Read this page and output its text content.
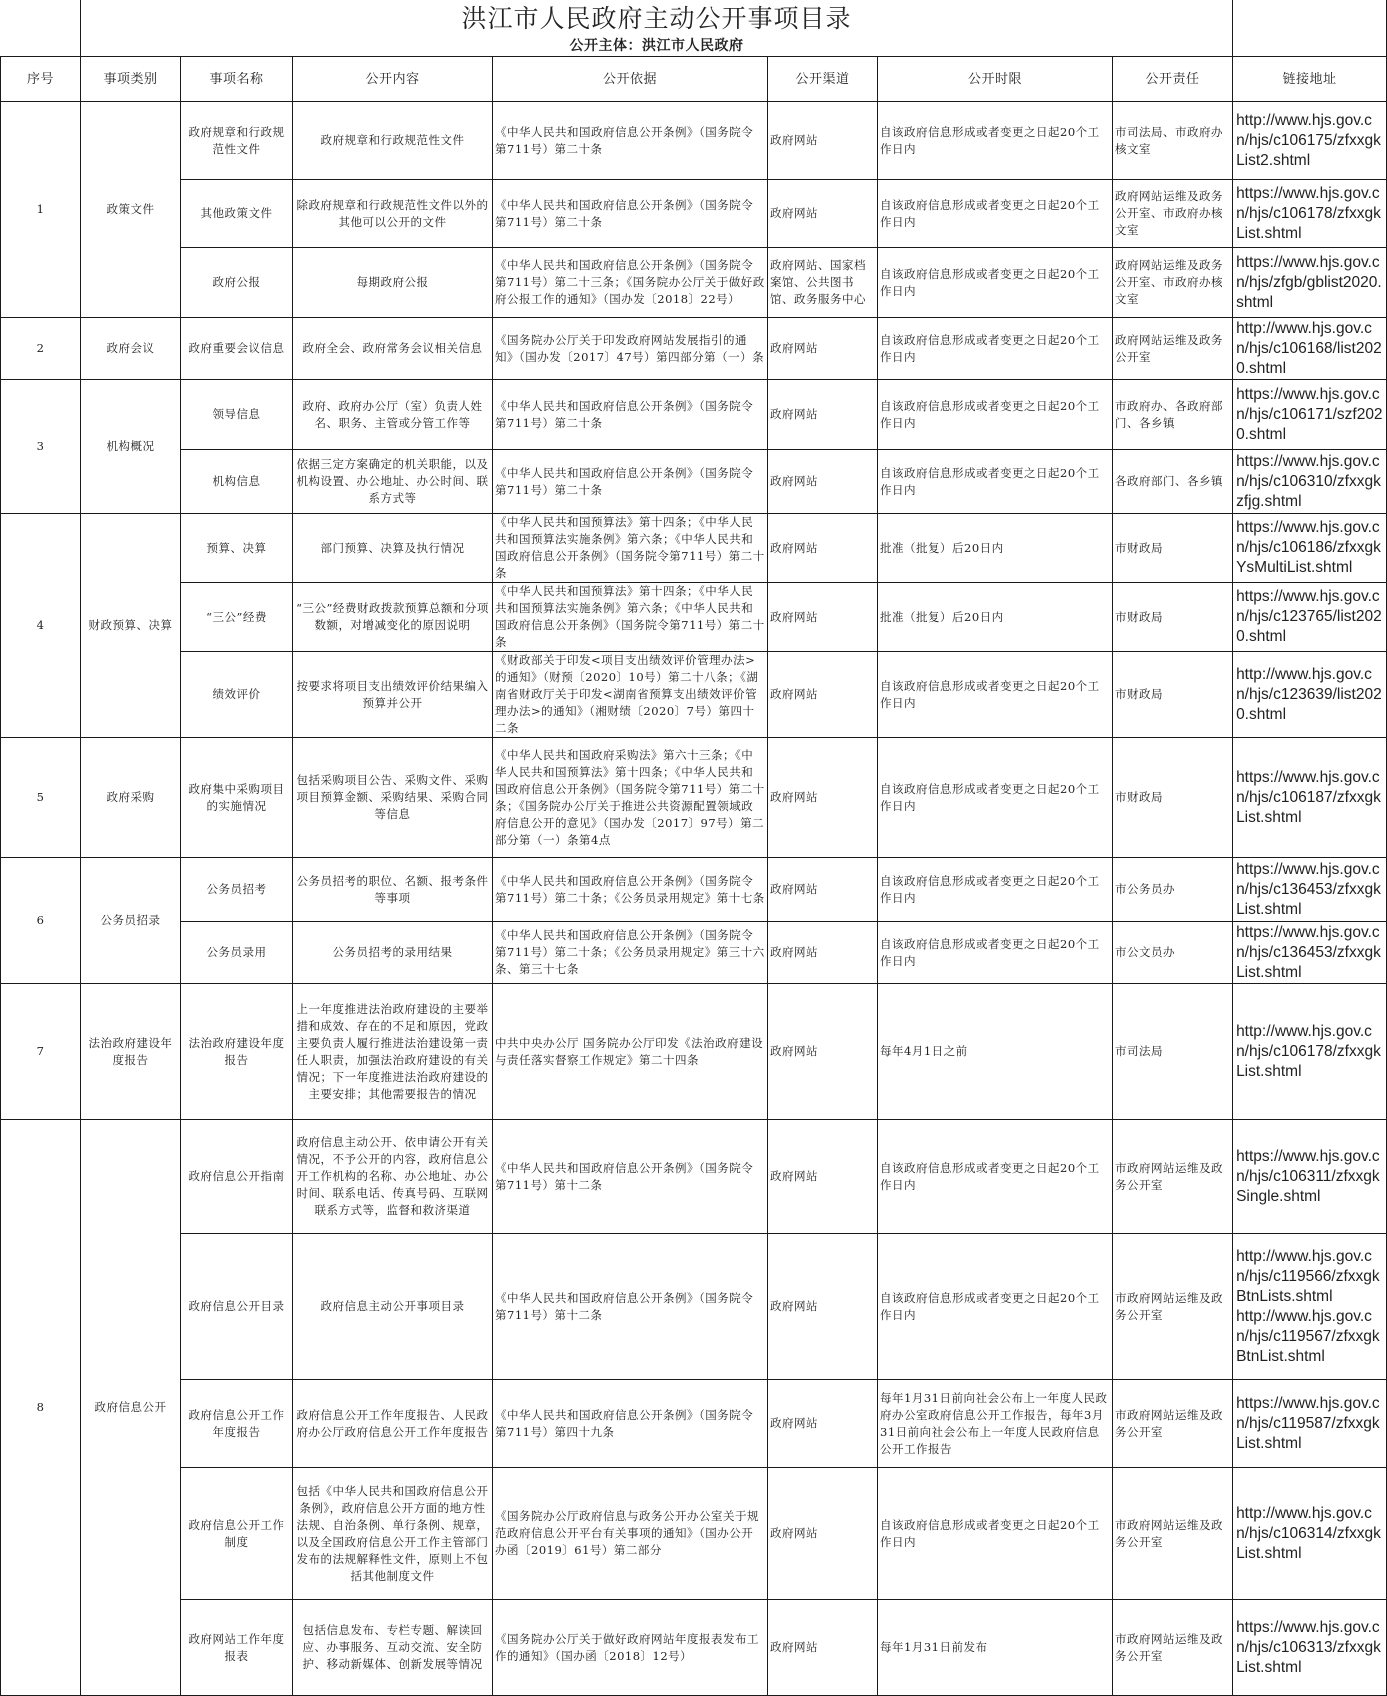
	洪江市人民政府主动公开事项目录							
	公开主体：洪江市人民政府							
序号	事项类别	事项名称	公开内容	公开依据	公开渠道	公开时限	公开责任	链接地址
1	政策文件	政府规章和行政规范性文件	政府规章和行政规范性文件	《中华人民共和国政府信息公开条例》（国务院令第711号）第二十条	政府网站	自该政府信息形成或者变更之日起20个工作日内	市司法局、市政府办核文室	http://www.hjs.gov.cn/hjs/c106175/zfxxgkList2.shtml
		其他政策文件	除政府规章和行政规范性文件以外的其他可以公开的文件	《中华人民共和国政府信息公开条例》（国务院令第711号）第二十条	政府网站	自该政府信息形成或者变更之日起20个工作日内	政府网站运维及政务公开室、市政府办核文室	https://www.hjs.gov.cn/hjs/c106178/zfxxgkList.shtml
		政府公报	每期政府公报	《中华人民共和国政府信息公开条例》（国务院令第711号）第二十三条；《国务院办公厅关于做好政府公报工作的通知》（国办发〔2018〕22号）	政府网站、国家档案馆、公共图书馆、政务服务中心	自该政府信息形成或者变更之日起20个工作日内	政府网站运维及政务公开室、市政府办核文室	https://www.hjs.gov.cn/hjs/zfgb/gblist2020.shtml
2	政府会议	政府重要会议信息	政府全会、政府常务会议相关信息	《国务院办公厅关于印发政府网站发展指引的通知》（国办发〔2017〕47号）第四部分第（一）条	政府网站	自该政府信息形成或者变更之日起20个工作日内	政府网站运维及政务公开室	http://www.hjs.gov.cn/hjs/c106168/list2020.shtml
3	机构概况	领导信息	政府、政府办公厅（室）负责人姓名、职务、主管或分管工作等	《中华人民共和国政府信息公开条例》（国务院令第711号）第二十条	政府网站	自该政府信息形成或者变更之日起20个工作日内	市政府办、各政府部门、各乡镇	https://www.hjs.gov.cn/hjs/c106171/szf2020.shtml
		机构信息	依据三定方案确定的机关职能，以及机构设置、办公地址、办公时间、联系方式等	《中华人民共和国政府信息公开条例》（国务院令第711号）第二十条	政府网站	自该政府信息形成或者变更之日起20个工作日内	各政府部门、各乡镇	https://www.hjs.gov.cn/hjs/c106310/zfxxgkzfjg.shtml
4	财政预算、决算	预算、决算	部门预算、决算及执行情况	《中华人民共和国预算法》第十四条；《中华人民共和国预算法实施条例》第六条；《中华人民共和国政府信息公开条例》（国务院令第711号）第二十条	政府网站	批准（批复）后20日内	市财政局	https://www.hjs.gov.cn/hjs/c106186/zfxxgkYsMultiList.shtml
		“三公”经费	“三公”经费财政拨款预算总额和分项数额，对增减变化的原因说明	《中华人民共和国预算法》第十四条；《中华人民共和国预算法实施条例》第六条；《中华人民共和国政府信息公开条例》（国务院令第711号）第二十条	政府网站	批准（批复）后20日内	市财政局	https://www.hjs.gov.cn/hjs/c123765/list2020.shtml
		绩效评价	按要求将项目支出绩效评价结果编入预算并公开	《财政部关于印发<项目支出绩效评价管理办法>的通知》（财预〔2020〕10号）第二十八条；《湖南省财政厅关于印发<湖南省预算支出绩效评价管理办法>的通知》（湘财绩〔2020〕7号）第四十二条	政府网站	自该政府信息形成或者变更之日起20个工作日内	市财政局	http://www.hjs.gov.cn/hjs/c123639/list2020.shtml
5	政府采购	政府集中采购项目的实施情况	包括采购项目公告、采购文件、采购项目预算金额、采购结果、采购合同等信息	《中华人民共和国政府采购法》第六十三条；《中华人民共和国预算法》第十四条；《中华人民共和国政府信息公开条例》（国务院令第711号）第二十条；《国务院办公厅关于推进公共资源配置领域政府信息公开的意见》（国办发〔2017〕97号）第二部分第（一）条第4点	政府网站	自该政府信息形成或者变更之日起20个工作日内	市财政局	https://www.hjs.gov.cn/hjs/c106187/zfxxgkList.shtml
6	公务员招录	公务员招考	公务员招考的职位、名额、报考条件等事项	《中华人民共和国政府信息公开条例》（国务院令第711号）第二十条；《公务员录用规定》第十七条	政府网站	自该政府信息形成或者变更之日起20个工作日内	市公务员办	https://www.hjs.gov.cn/hjs/c136453/zfxxgkList.shtml
		公务员录用	公务员招考的录用结果	《中华人民共和国政府信息公开条例》（国务院令第711号）第二十条；《公务员录用规定》第三十六条、第三十七条	政府网站	自该政府信息形成或者变更之日起20个工作日内	市公文员办	https://www.hjs.gov.cn/hjs/c136453/zfxxgkList.shtml
7	法治政府建设年度报告	法治政府建设年度报告	上一年度推进法治政府建设的主要举措和成效、存在的不足和原因，党政主要负责人履行推进法治建设第一责任人职责，加强法治政府建设的有关情况；下一年度推进法治政府建设的主要安排；其他需要报告的情况	中共中央办公厅 国务院办公厅印发《法治政府建设与责任落实督察工作规定》第二十四条	政府网站	每年4月1日之前	市司法局	http://www.hjs.gov.cn/hjs/c106178/zfxxgkList.shtml
8	政府信息公开	政府信息公开指南	政府信息主动公开、依申请公开有关情况，不予公开的内容，政府信息公开工作机构的名称、办公地址、办公时间、联系电话、传真号码、互联网联系方式等，监督和救济渠道	《中华人民共和国政府信息公开条例》（国务院令第711号）第十二条	政府网站	自该政府信息形成或者变更之日起20个工作日内	市政府网站运维及政务公开室	https://www.hjs.gov.cn/hjs/c106311/zfxxgkSingle.shtml
		政府信息公开目录	政府信息主动公开事项目录	《中华人民共和国政府信息公开条例》（国务院令第711号）第十二条	政府网站	自该政府信息形成或者变更之日起20个工作日内	市政府网站运维及政务公开室	http://www.hjs.gov.cn/hjs/c119566/zfxxgkBtnLists.shtml
http://www.hjs.gov.cn/hjs/c119567/zfxxgkBtnList.shtml
		政府信息公开工作年度报告	政府信息公开工作年度报告、人民政府办公厅政府信息公开工作年度报告	《中华人民共和国政府信息公开条例》（国务院令第711号）第四十九条	政府网站	每年1月31日前向社会公布上一年度人民政府办公室政府信息公开工作报告，每年3月31日前向社会公布上一年度人民政府信息公开工作报告	市政府网站运维及政务公开室	https://www.hjs.gov.cn/hjs/c119587/zfxxgkList.shtml
		政府信息公开工作制度	包括《中华人民共和国政府信息公开条例》，政府信息公开方面的地方性法规、自治条例、单行条例、规章，以及全国政府信息公开工作主管部门发布的法规解释性文件，原则上不包括其他制度文件	《国务院办公厅政府信息与政务公开办公室关于规范政府信息公开平台有关事项的通知》（国办公开办函〔2019〕61号）第二部分	政府网站	自该政府信息形成或者变更之日起20个工作日内	市政府网站运维及政务公开室	http://www.hjs.gov.cn/hjs/c106314/zfxxgkList.shtml
		政府网站工作年度报表	包括信息发布、专栏专题、解读回应、办事服务、互动交流、安全防护、移动新媒体、创新发展等情况	《国务院办公厅关于做好政府网站年度报表发布工作的通知》（国办函〔2018〕12号）	政府网站	每年1月31日前发布	市政府网站运维及政务公开室	https://www.hjs.gov.cn/hjs/c106313/zfxxgkList.shtml
